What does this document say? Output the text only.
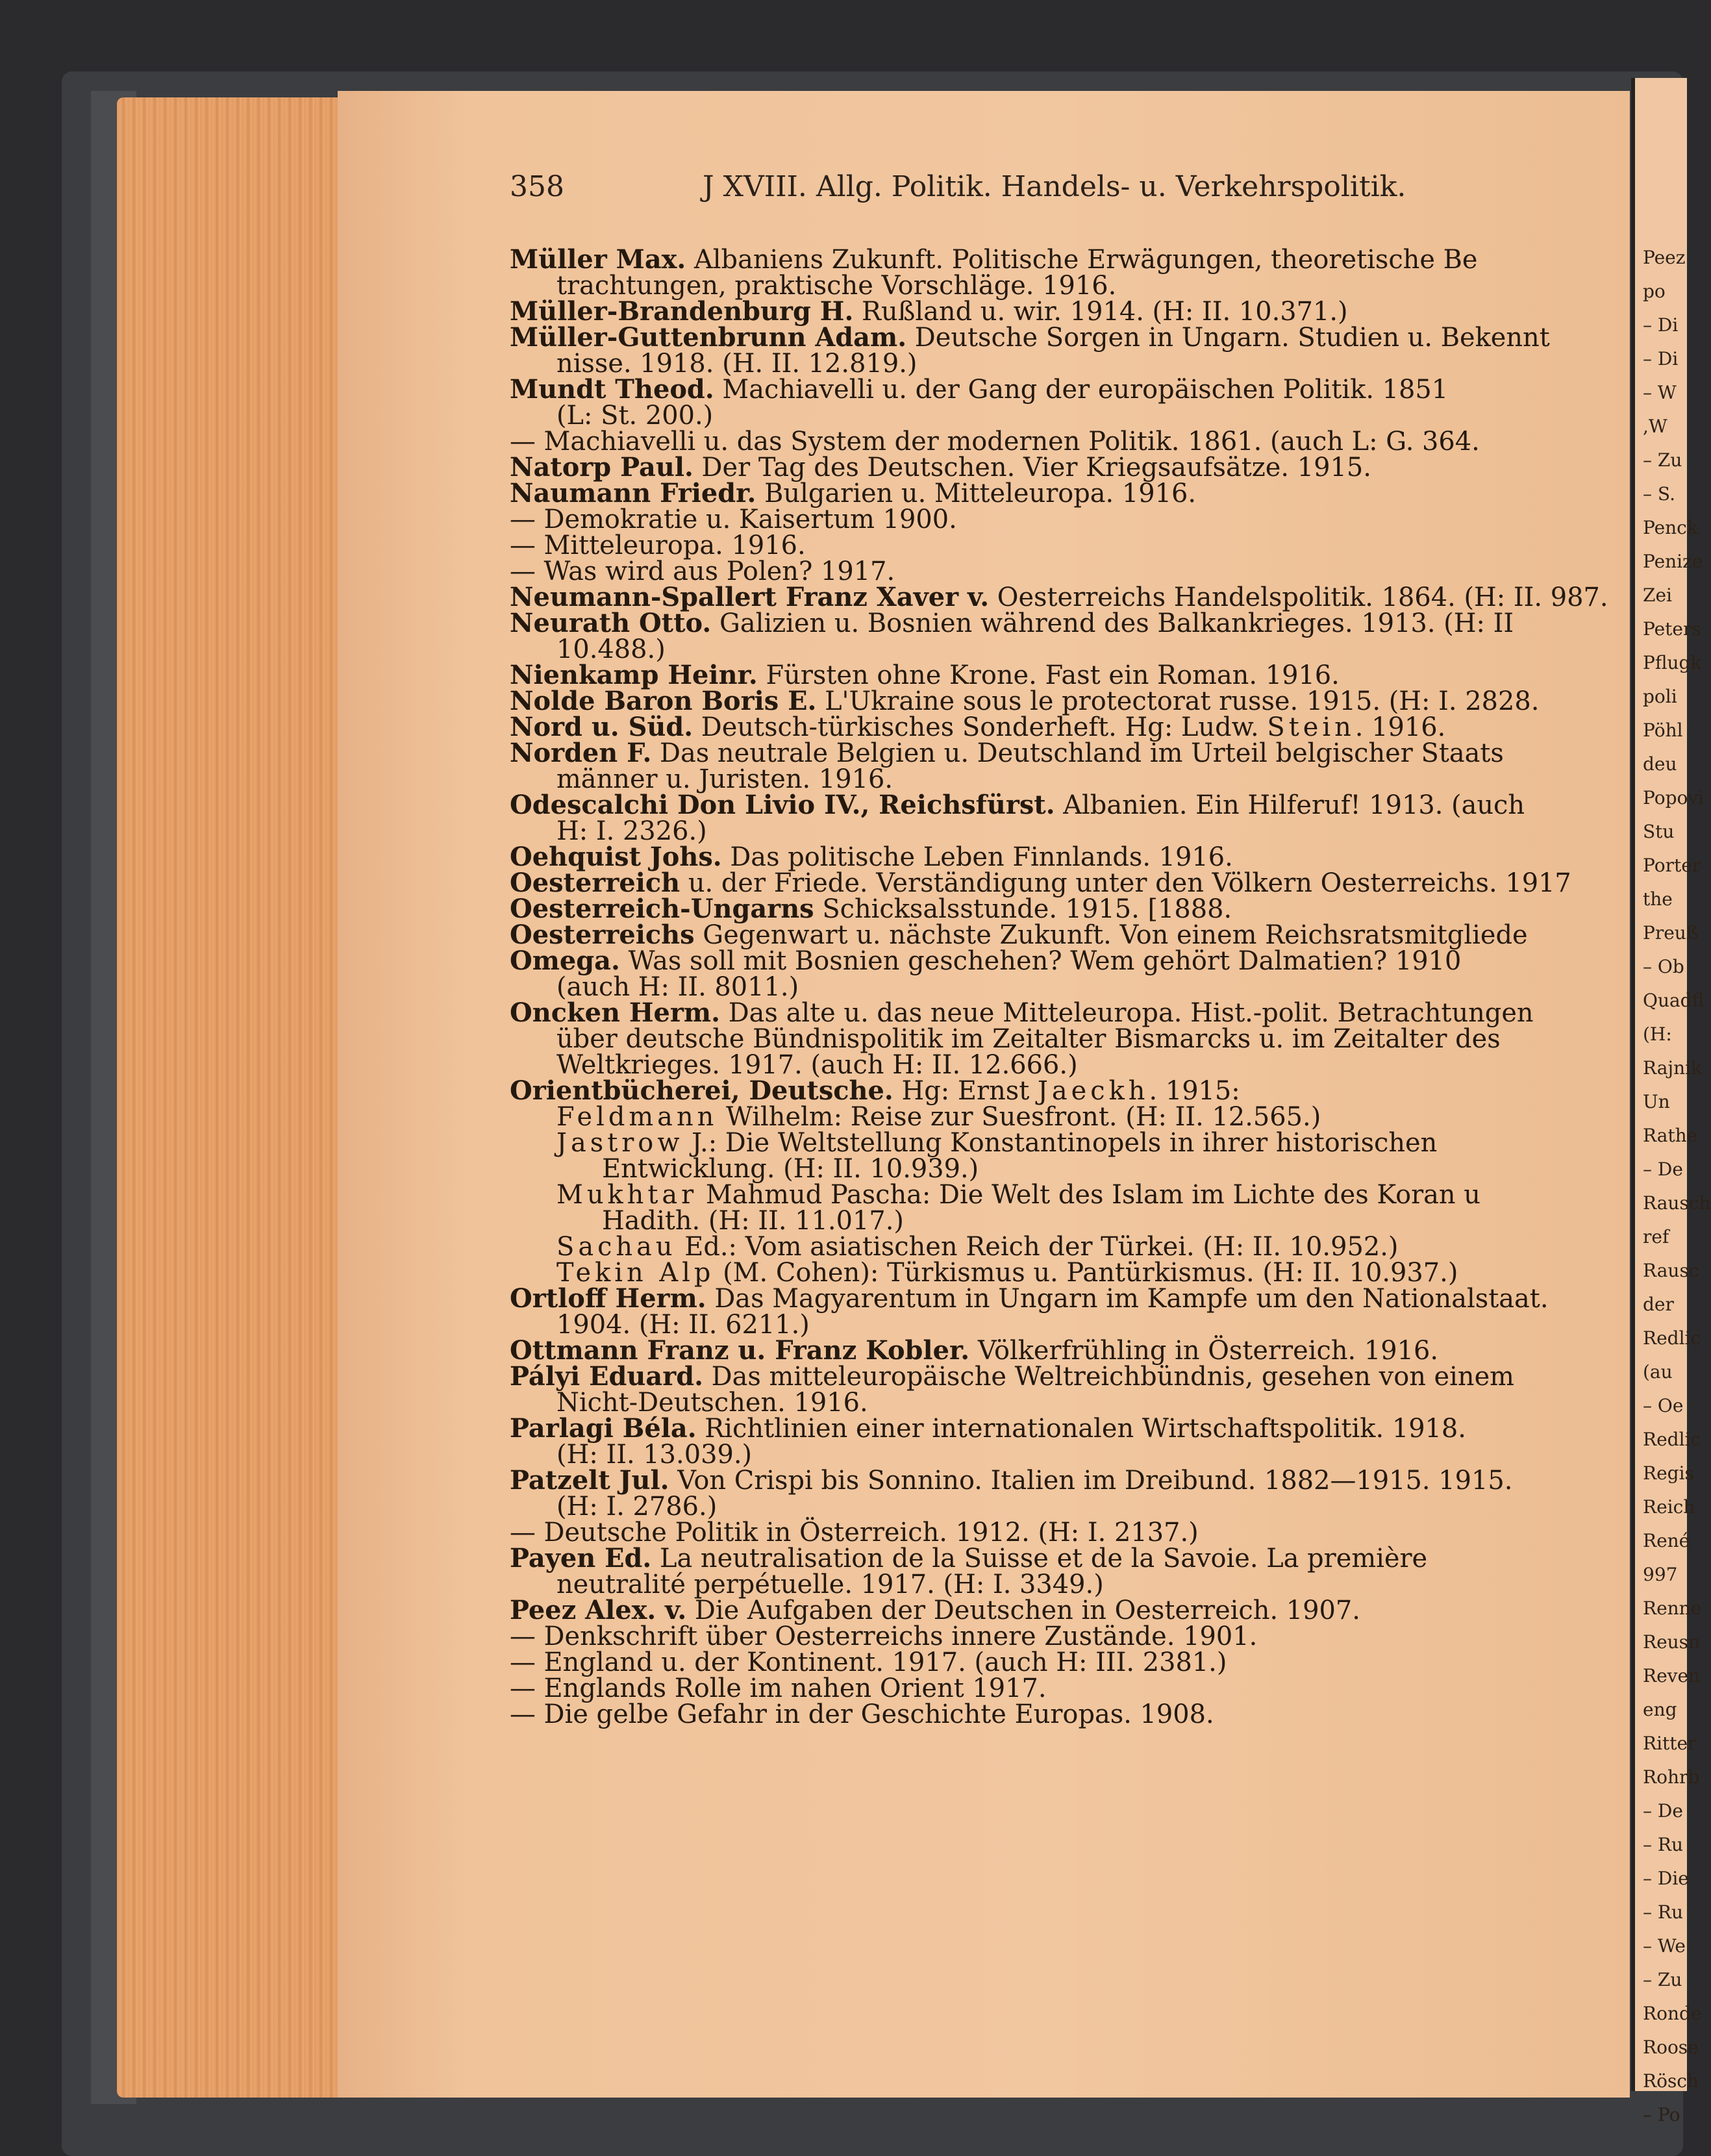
358	J XVIII. Allg. Politik. Handels- u. Verkehrspolitik.
Müller Max. Albaniens Zukunft. Politische Erwägungen, theoretische Be
trachtungen, praktische Vorschläge. 1916.
Müller-Brandenburg H. Rußland u. wir. 1914. (H: II. 10.371.)
Müller-Guttenbrunn Adam. Deutsche Sorgen in Ungarn. Studien u. Bekennt
nisse. 1918. (H. II. 12.819.)
Mundt Theod. Machiavelli u. der Gang der europäischen Politik. 1851
(L: St. 200.)
— Machiavelli u. das System der modernen Politik. 1861. (auch L: G. 364.
Natorp Paul. Der Tag des Deutschen. Vier Kriegsaufsätze. 1915.
Naumann Friedr. Bulgarien u. Mitteleuropa. 1916.
— Demokratie u. Kaisertum 1900.
— Mitteleuropa. 1916.
— Was wird aus Polen? 1917.
Neumann-Spallert Franz Xaver v. Oesterreichs Handelspolitik. 1864. (H: II. 987.
Neurath Otto. Galizien u. Bosnien während des Balkankrieges. 1913. (H: II
10.488.)
Nienkamp Heinr. Fürsten ohne Krone. Fast ein Roman. 1916.
Nolde Baron Boris E. L'Ukraine sous le protectorat russe. 1915. (H: I. 2828.
Nord u. Süd. Deutsch-türkisches Sonderheft. Hg: Ludw. Stein. 1916.
Norden F. Das neutrale Belgien u. Deutschland im Urteil belgischer Staats
männer u. Juristen. 1916.
Odescalchi Don Livio IV., Reichsfürst. Albanien. Ein Hilferuf! 1913. (auch
H: I. 2326.)
Oehquist Johs. Das politische Leben Finnlands. 1916.
Oesterreich u. der Friede. Verständigung unter den Völkern Oesterreichs. 1917
Oesterreich-Ungarns Schicksalsstunde. 1915. [1888.
Oesterreichs Gegenwart u. nächste Zukunft. Von einem Reichsratsmitgliede
Omega. Was soll mit Bosnien geschehen? Wem gehört Dalmatien? 1910
(auch H: II. 8011.)
Oncken Herm. Das alte u. das neue Mitteleuropa. Hist.-polit. Betrachtungen
über deutsche Bündnispolitik im Zeitalter Bismarcks u. im Zeitalter des
Weltkrieges. 1917. (auch H: II. 12.666.)
Orientbücherei, Deutsche. Hg: Ernst Jaeckh. 1915:
Feldmann Wilhelm: Reise zur Suesfront. (H: II. 12.565.)
Jastrow J.: Die Weltstellung Konstantinopels in ihrer historischen
Entwicklung. (H: II. 10.939.)
Mukhtar Mahmud Pascha: Die Welt des Islam im Lichte des Koran u
Hadith. (H: II. 11.017.)
Sachau Ed.: Vom asiatischen Reich der Türkei. (H: II. 10.952.)
Tekin Alp (M. Cohen): Türkismus u. Pantürkismus. (H: II. 10.937.)
Ortloff Herm. Das Magyarentum in Ungarn im Kampfe um den Nationalstaat.
1904. (H: II. 6211.)
Ottmann Franz u. Franz Kobler. Völkerfrühling in Österreich. 1916.
Pályi Eduard. Das mitteleuropäische Weltreichbündnis, gesehen von einem
Nicht-Deutschen. 1916.
Parlagi Béla. Richtlinien einer internationalen Wirtschaftspolitik. 1918.
(H: II. 13.039.)
Patzelt Jul. Von Crispi bis Sonnino. Italien im Dreibund. 1882—1915. 1915.
(H: I. 2786.)
— Deutsche Politik in Österreich. 1912. (H: I. 2137.)
Payen Ed. La neutralisation de la Suisse et de la Savoie. La première
neutralité perpétuelle. 1917. (H: I. 3349.)
Peez Alex. v. Die Aufgaben der Deutschen in Oesterreich. 1907.
— Denkschrift über Oesterreichs innere Zustände. 1901.
— England u. der Kontinent. 1917. (auch H: III. 2381.)
— Englands Rolle im nahen Orient 1917.
— Die gelbe Gefahr in der Geschichte Europas. 1908.
Peez
po
– Di
– Di
– W
,W
– Zu
– S.
Penck
Penize
Zei
Peters
Pflugk
poli
Pöhl
deu
Popovi
Stu
Porter
the
Preuß
– Ob
Quadfl
(H:
Rajnik
Un
Rathe
– De
Rausch
ref
Rausc
der
Redlic
(au
– Oe
Redlic
Regis
Reich
René
997
Renne
Reusn
Reven
eng
Ritter
Rohrb
– De
– Ru
– Die
– Ru
– We
– Zu
Ronde
Roose
Rösch
– Po
